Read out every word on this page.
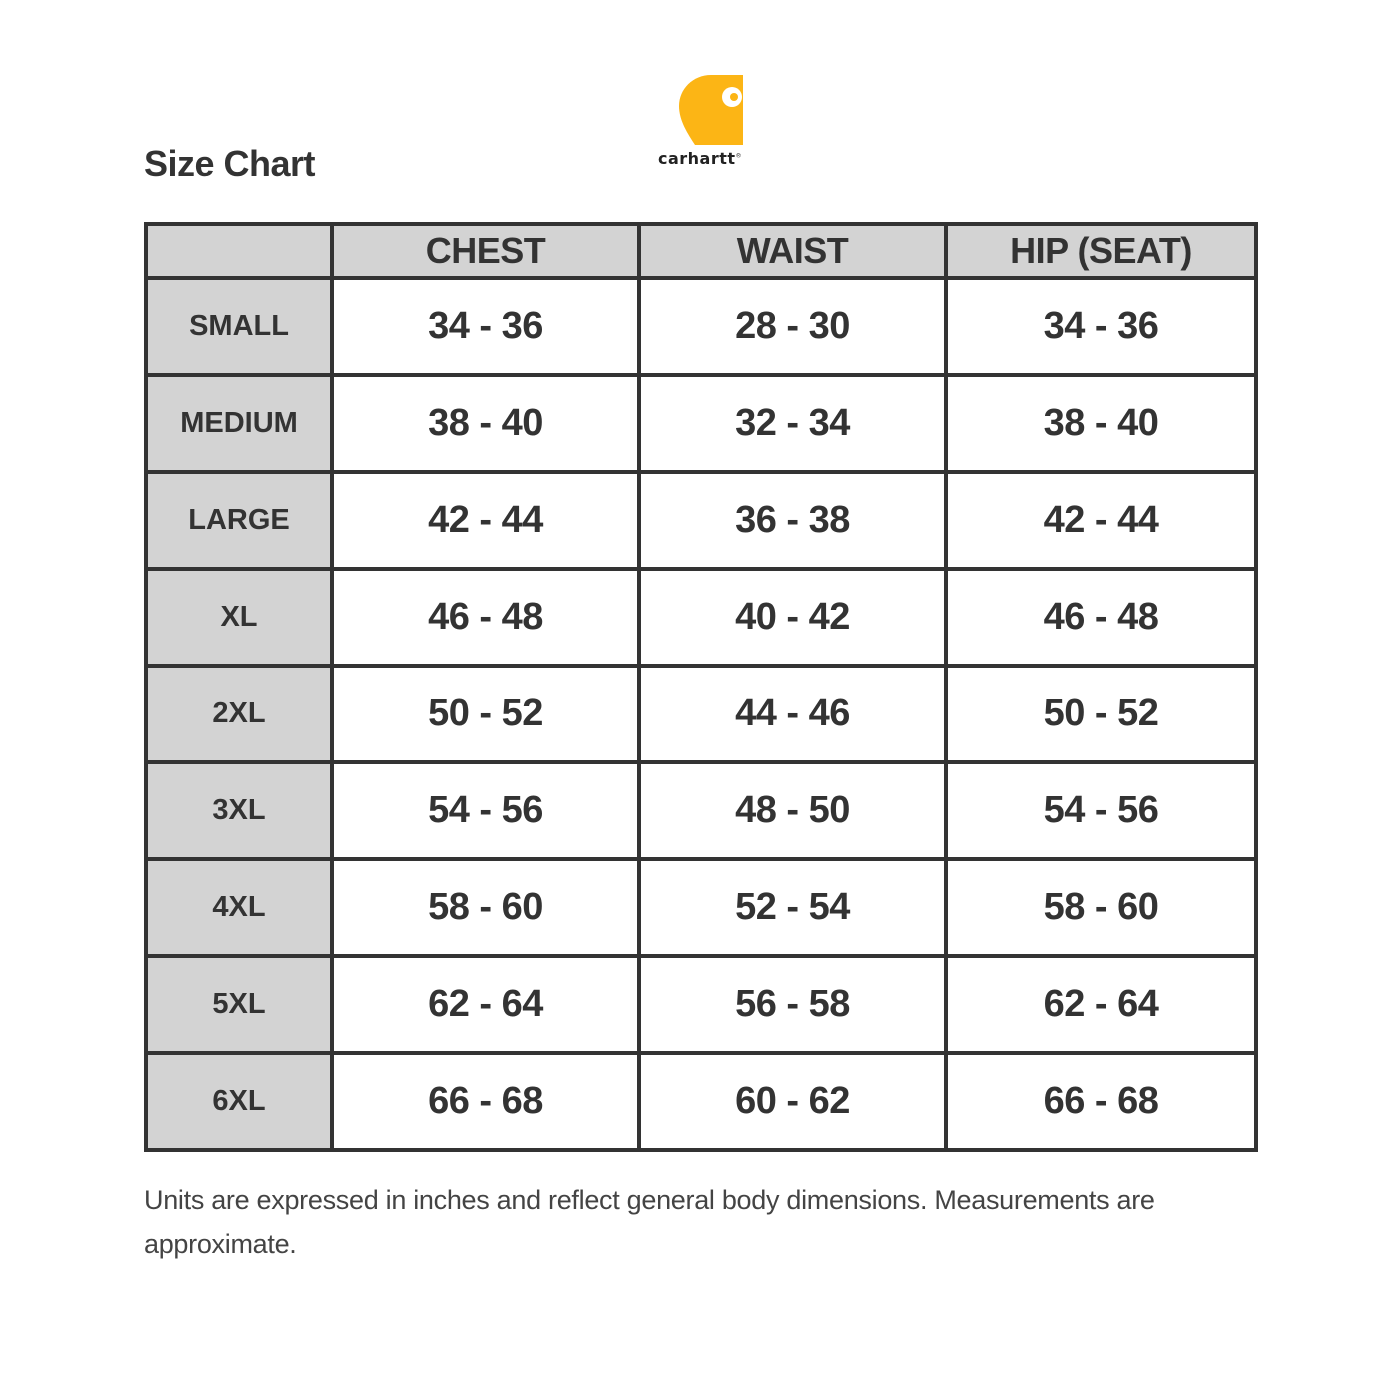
Size Chart	carhartt®
	CHEST	WAIST	HIP (SEAT)
SMALL	34 - 36	28 - 30	34 - 36
MEDIUM	38 - 40	32 - 34	38 - 40
LARGE	42 - 44	36 - 38	42 - 44
XL	46 - 48	40 - 42	46 - 48
2XL	50 - 52	44 - 46	50 - 52
3XL	54 - 56	48 - 50	54 - 56
4XL	58 - 60	52 - 54	58 - 60
5XL	62 - 64	56 - 58	62 - 64
6XL	66 - 68	60 - 62	66 - 68

Units are expressed in inches and reflect general body dimensions. Measurements are approximate.
